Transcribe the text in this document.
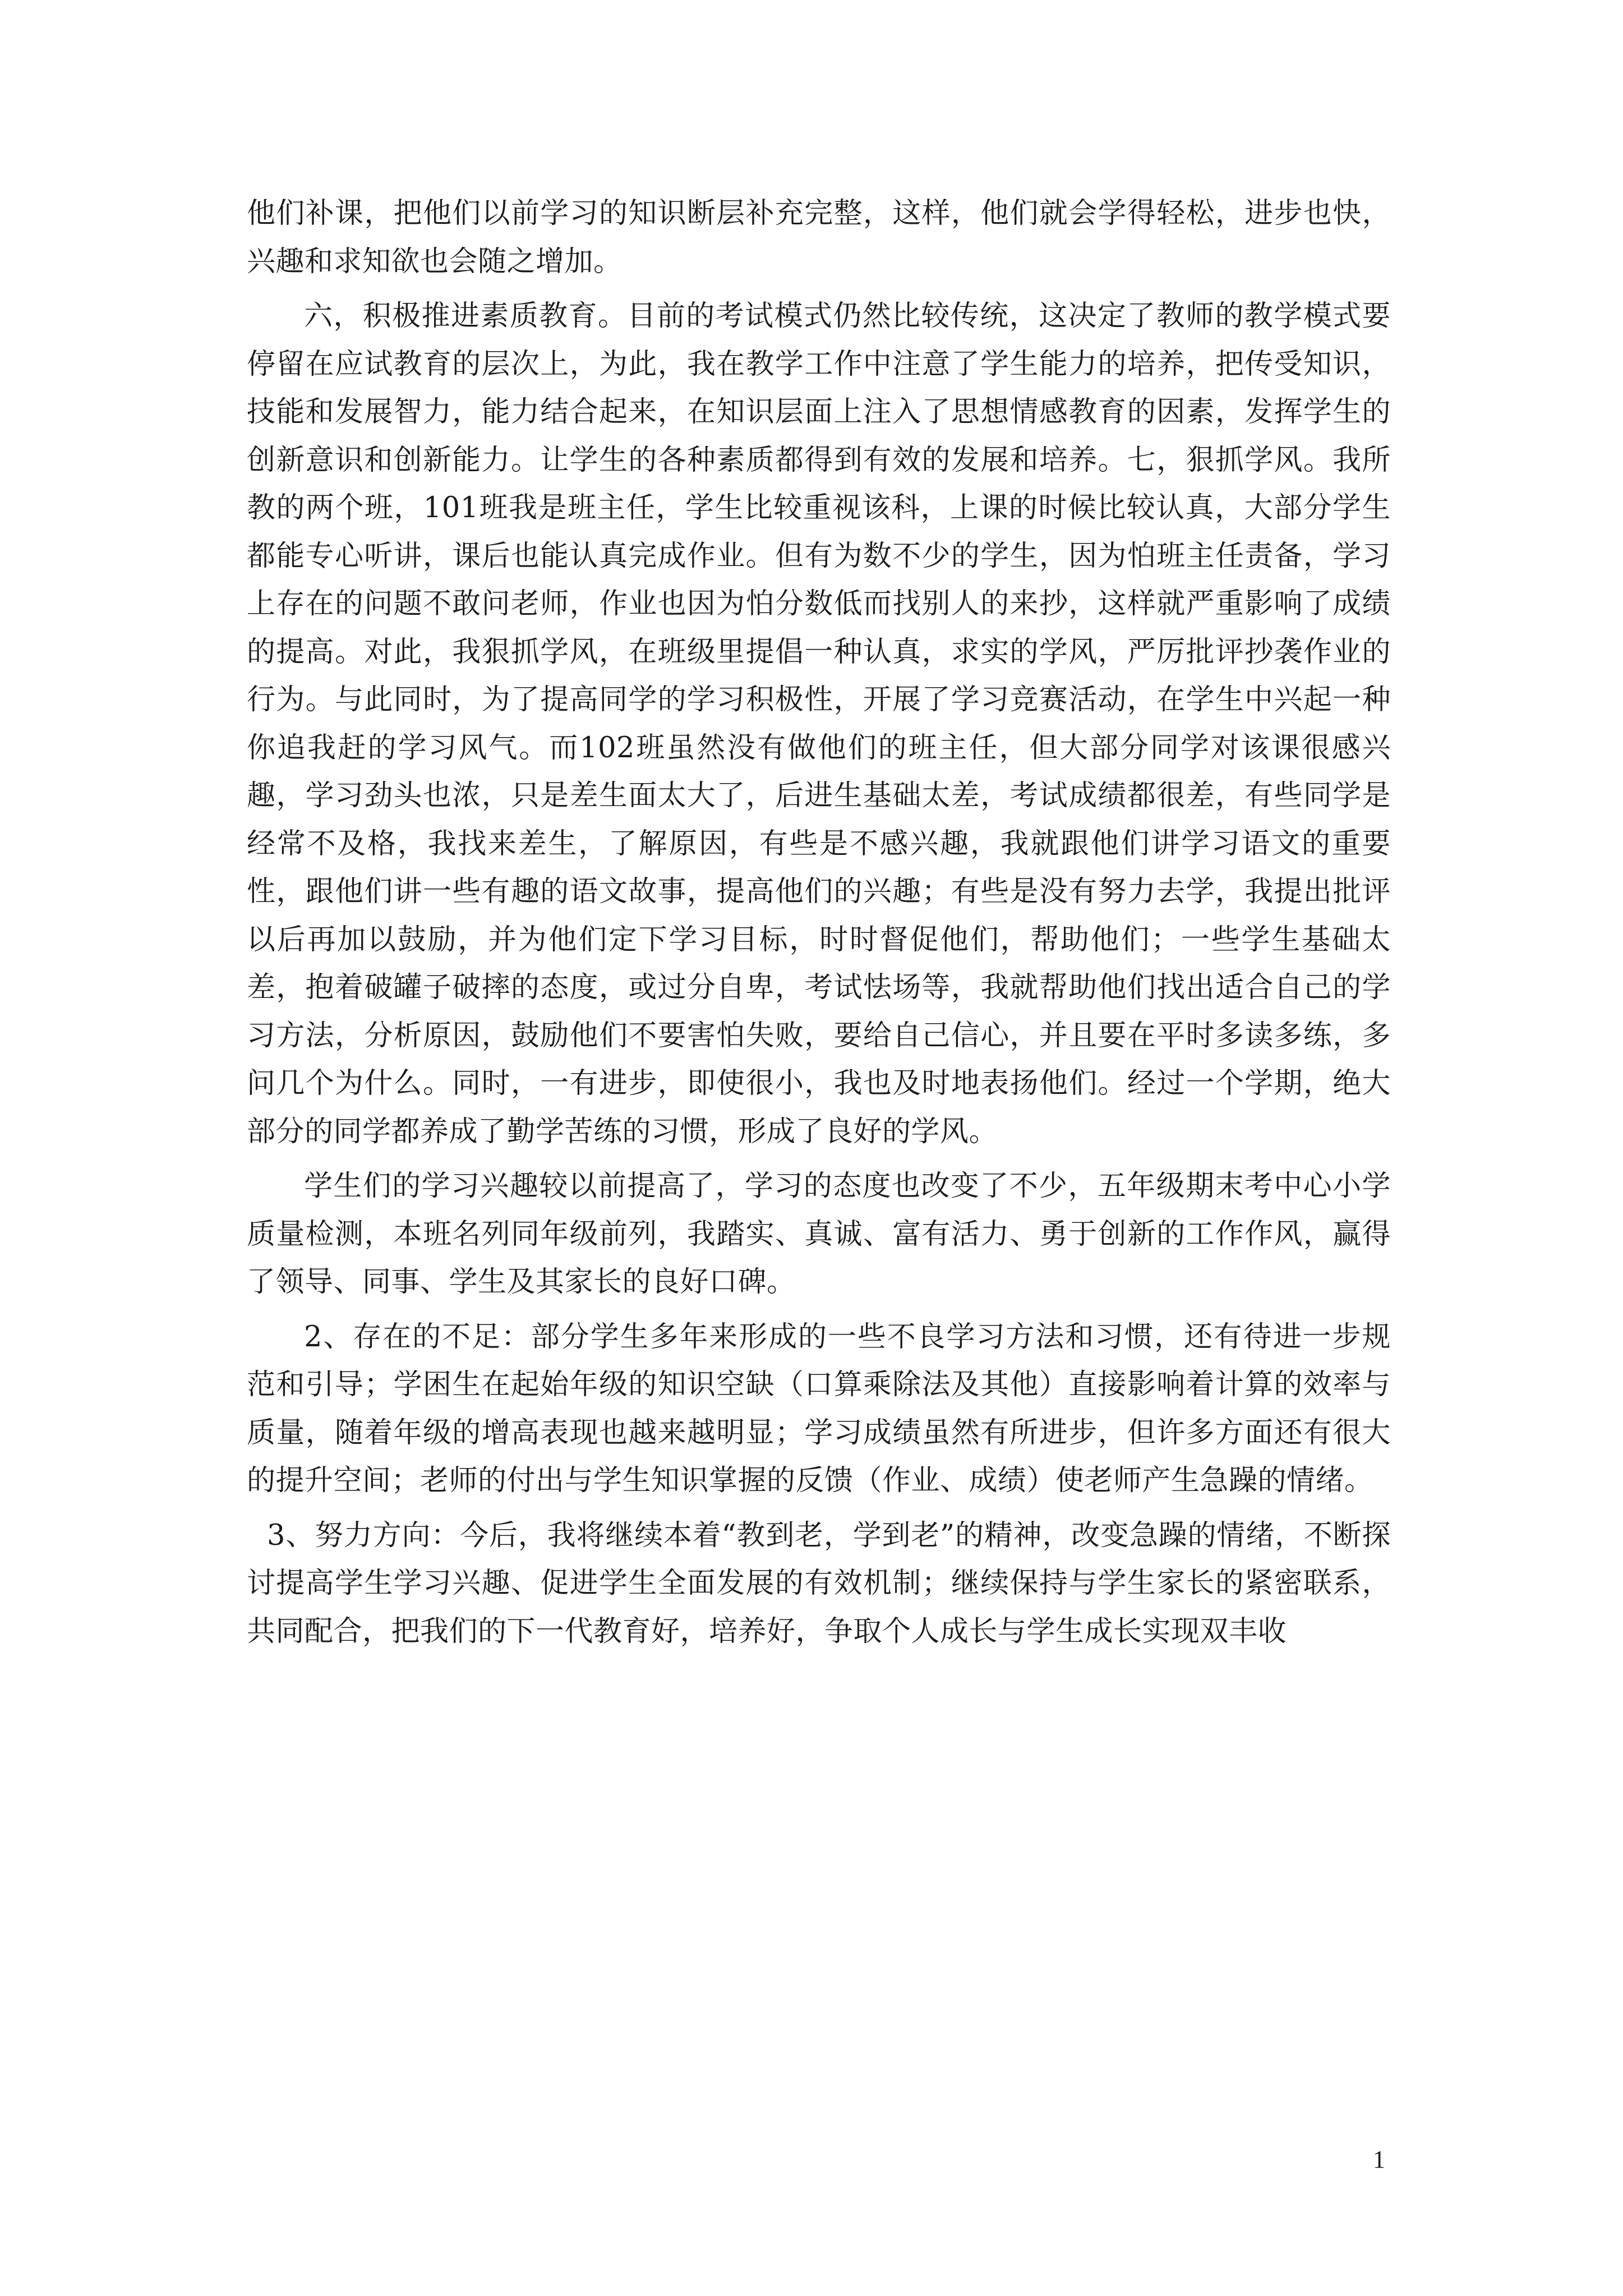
他们补课，把他们以前学习的知识断层补充完整，这样，他们就会学得轻松，进步也快，兴趣和求知欲也会随之增加。

六，积极推进素质教育。目前的考试模式仍然比较传统，这决定了教师的教学模式要停留在应试教育的层次上，为此，我在教学工作中注意了学生能力的培养，把传受知识，技能和发展智力，能力结合起来，在知识层面上注入了思想情感教育的因素，发挥学生的创新意识和创新能力。让学生的各种素质都得到有效的发展和培养。七，狠抓学风。我所教的两个班，101班我是班主任，学生比较重视该科，上课的时候比较认真，大部分学生都能专心听讲，课后也能认真完成作业。但有为数不少的学生，因为怕班主任责备，学习上存在的问题不敢问老师，作业也因为怕分数低而找别人的来抄，这样就严重影响了成绩的提高。对此，我狠抓学风，在班级里提倡一种认真，求实的学风，严厉批评抄袭作业的行为。与此同时，为了提高同学的学习积极性，开展了学习竞赛活动，在学生中兴起一种你追我赶的学习风气。而102班虽然没有做他们的班主任，但大部分同学对该课很感兴趣，学习劲头也浓，只是差生面太大了，后进生基础太差，考试成绩都很差，有些同学是经常不及格，我找来差生，了解原因，有些是不感兴趣，我就跟他们讲学习语文的重要性，跟他们讲一些有趣的语文故事，提高他们的兴趣；有些是没有努力去学，我提出批评以后再加以鼓励，并为他们定下学习目标，时时督促他们，帮助他们；一些学生基础太差，抱着破罐子破摔的态度，或过分自卑，考试怯场等，我就帮助他们找出适合自己的学习方法，分析原因，鼓励他们不要害怕失败，要给自己信心，并且要在平时多读多练，多问几个为什么。同时，一有进步，即使很小，我也及时地表扬他们。经过一个学期，绝大部分的同学都养成了勤学苦练的习惯，形成了良好的学风。

学生们的学习兴趣较以前提高了，学习的态度也改变了不少，五年级期末考中心小学质量检测，本班名列同年级前列，我踏实、真诚、富有活力、勇于创新的工作作风，赢得了领导、同事、学生及其家长的良好口碑。

2、存在的不足：部分学生多年来形成的一些不良学习方法和习惯，还有待进一步规范和引导；学困生在起始年级的知识空缺（口算乘除法及其他）直接影响着计算的效率与质量，随着年级的增高表现也越来越明显；学习成绩虽然有所进步，但许多方面还有很大的提升空间；老师的付出与学生知识掌握的反馈（作业、成绩）使老师产生急躁的情绪。

3、努力方向：今后，我将继续本着“教到老，学到老”的精神，改变急躁的情绪，不断探讨提高学生学习兴趣、促进学生全面发展的有效机制；继续保持与学生家长的紧密联系，共同配合，把我们的下一代教育好，培养好，争取个人成长与学生成长实现双丰收

1
